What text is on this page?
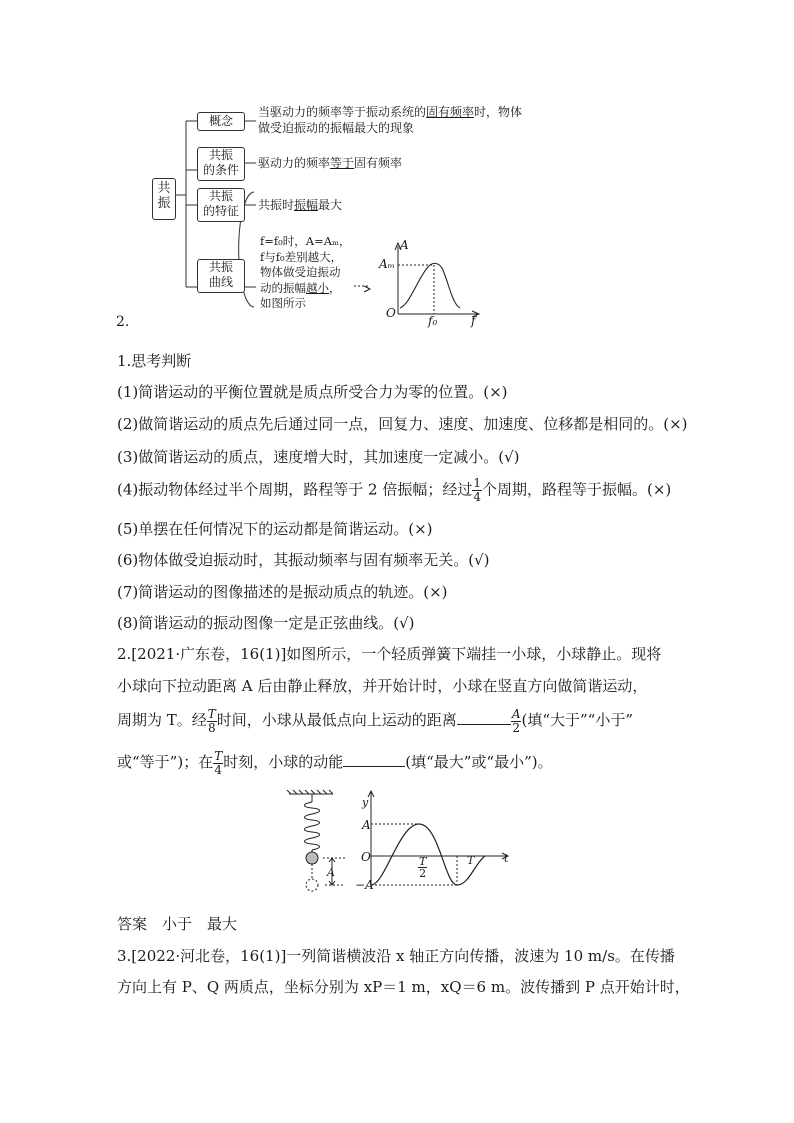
共
振
概念
共振
的条件
共振
的特征
共振
曲线
当驱动力的频率等于振动系统的固有频率时，物体
做受迫振动的振幅最大的现象
驱动力的频率等于固有频率
共振时振幅最大
f=f₀时，A=Aₘ，
f与f₀差别越大，
物体做受迫振动
动的振幅越小，
如图所示
A
Aₘ
O
f₀	f
2.
1.思考判断
(1)简谐运动的平衡位置就是质点所受合力为零的位置。(×)
(2)做简谐运动的质点先后通过同一点，回复力、速度、加速度、位移都是相同的。(×)
(3)做简谐运动的质点，速度增大时，其加速度一定减小。(√)
(4)振动物体经过半个周期，路程等于 2 倍振幅；经过 $\frac{1}{4}$ 个周期，路程等于振幅。(×)
(5)单摆在任何情况下的运动都是简谐运动。(×)
(6)物体做受迫振动时，其振动频率与固有频率无关。(√)
(7)简谐运动的图像描述的是振动质点的轨迹。(×)
(8)简谐运动的振动图像一定是正弦曲线。(√)
2.[2021·广东卷，16(1)]如图所示，一个轻质弹簧下端挂一小球，小球静止。现将
小球向下拉动距离 A 后由静止释放，并开始计时，小球在竖直方向做简谐运动，
周期为 T。经 $\frac{T}{8}$ 时间，小球从最低点向上运动的距离	$\frac{A}{2}$ (填“大于”“小于”
或“等于”)；在 $\frac{T}{4}$ 时刻，小球的动能	(填“最大”或“最小”)。
y
A
O
−A
$\frac{T}{2}$	T	t
A
答案　小于　最大
3.[2022·河北卷，16(1)]一列简谐横波沿 x 轴正方向传播，波速为 10 m/s。在传播
方向上有 P、Q 两质点，坐标分别为 xP＝1 m，xQ＝6 m。波传播到 P 点开始计时，
